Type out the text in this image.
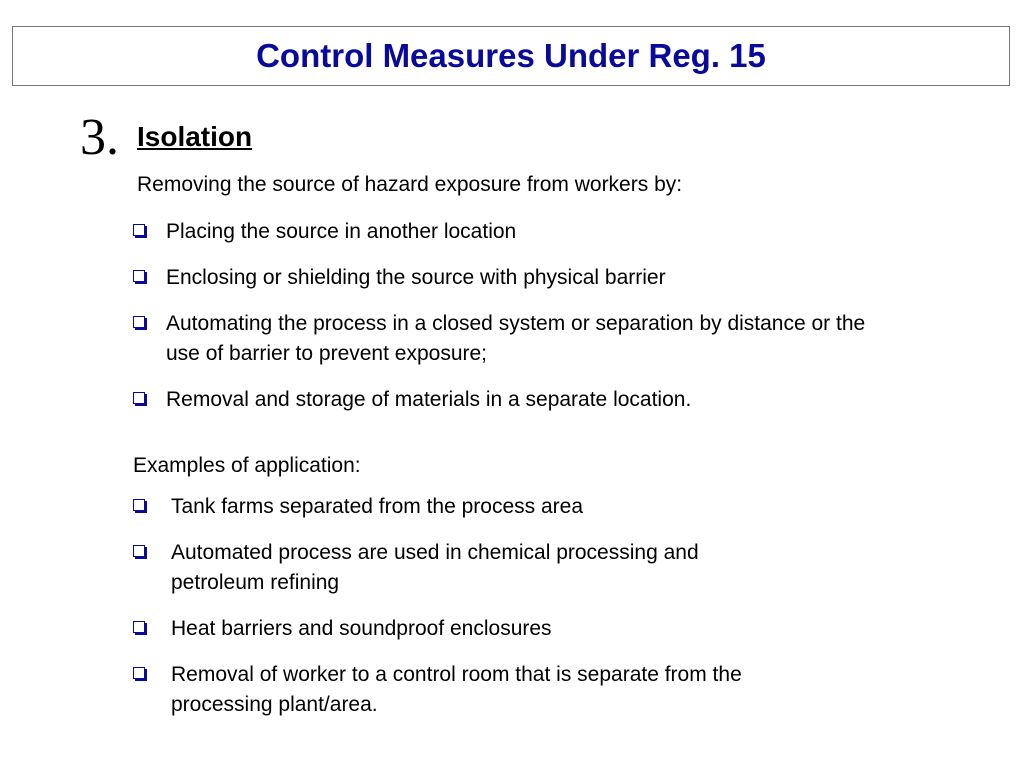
Control Measures Under Reg. 15
3. Isolation

Removing the source of hazard exposure from workers by:

Placing the source in another location
Enclosing or shielding the source with physical barrier
Automating the process in a closed system or separation by distance or the use of barrier to prevent exposure;
Removal and storage of materials in a separate location.

Examples of application:

Tank farms separated from the process area
Automated process are used in chemical processing and petroleum refining
Heat barriers and soundproof enclosures
Removal of worker to a control room that is separate from the processing plant/area.
